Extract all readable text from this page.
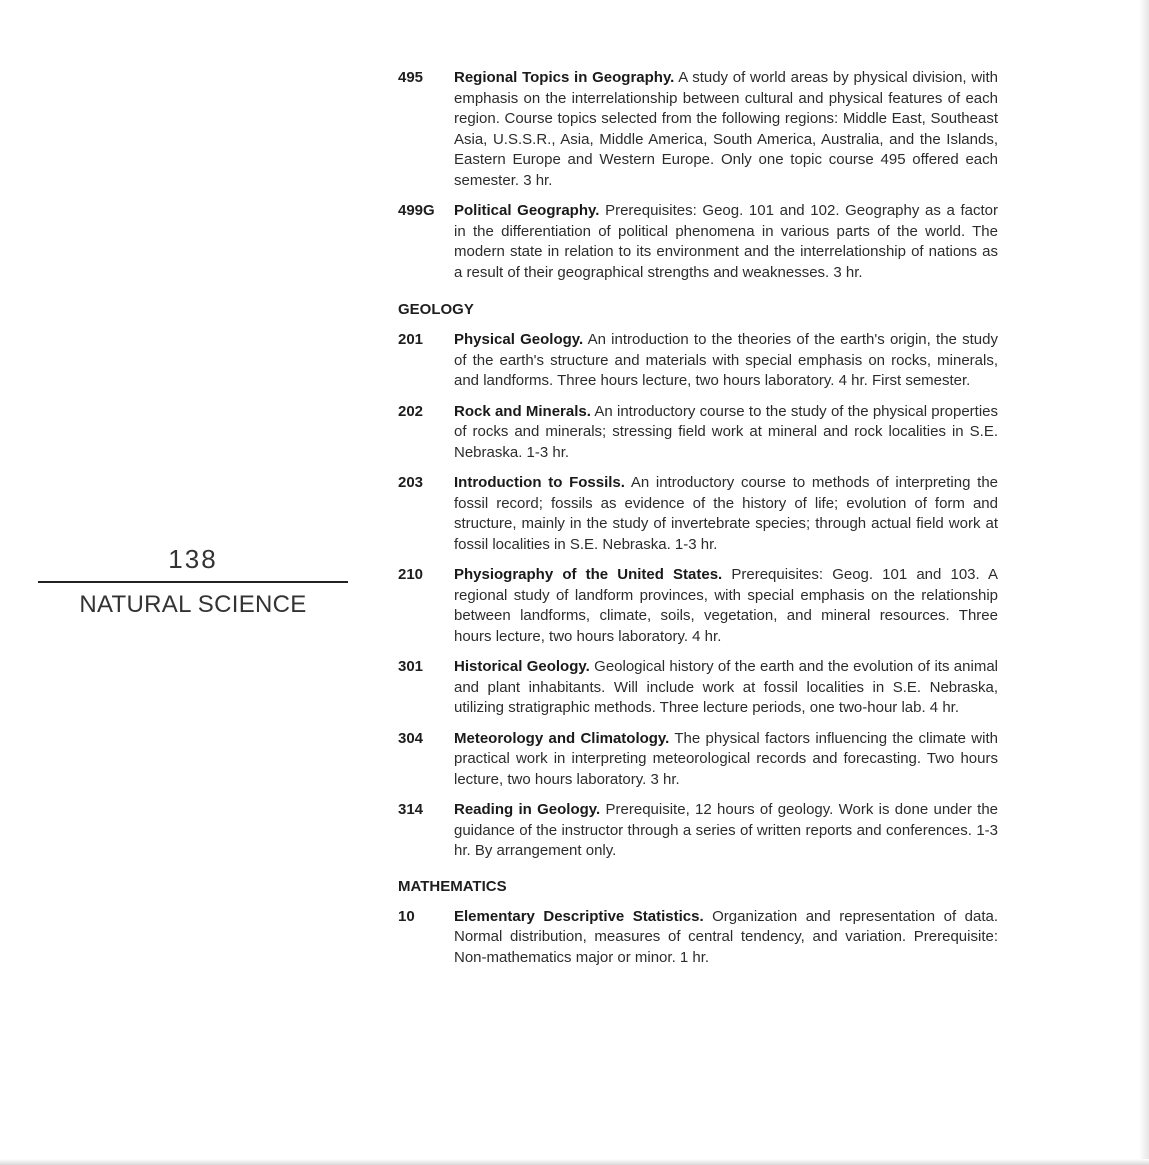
138
NATURAL SCIENCE
495	Regional Topics in Geography. A study of world areas by physical division, with emphasis on the interrelationship between cultural and physical features of each region. Course topics selected from the following regions: Middle East, Southeast Asia, U.S.S.R., Asia, Middle America, South America, Australia, and the Islands, Eastern Europe and Western Europe. Only one topic course 495 offered each semester. 3 hr.
499G	Political Geography. Prerequisites: Geog. 101 and 102. Geography as a factor in the differentiation of political phenomena in various parts of the world. The modern state in relation to its environment and the interrelationship of nations as a result of their geographical strengths and weaknesses. 3 hr.
GEOLOGY
201	Physical Geology. An introduction to the theories of the earth's origin, the study of the earth's structure and materials with special emphasis on rocks, minerals, and landforms. Three hours lecture, two hours laboratory. 4 hr. First semester.
202	Rock and Minerals. An introductory course to the study of the physical properties of rocks and minerals; stressing field work at mineral and rock localities in S.E. Nebraska. 1-3 hr.
203	Introduction to Fossils. An introductory course to methods of interpreting the fossil record; fossils as evidence of the history of life; evolution of form and structure, mainly in the study of invertebrate species; through actual field work at fossil localities in S.E. Nebraska. 1-3 hr.
210	Physiography of the United States. Prerequisites: Geog. 101 and 103. A regional study of landform provinces, with special emphasis on the relationship between landforms, climate, soils, vegetation, and mineral resources. Three hours lecture, two hours laboratory. 4 hr.
301	Historical Geology. Geological history of the earth and the evolution of its animal and plant inhabitants. Will include work at fossil localities in S.E. Nebraska, utilizing stratigraphic methods. Three lecture periods, one two-hour lab. 4 hr.
304	Meteorology and Climatology. The physical factors influencing the climate with practical work in interpreting meteorological records and forecasting. Two hours lecture, two hours laboratory. 3 hr.
314	Reading in Geology. Prerequisite, 12 hours of geology. Work is done under the guidance of the instructor through a series of written reports and conferences. 1-3 hr. By arrangement only.
MATHEMATICS
10	Elementary Descriptive Statistics. Organization and representation of data. Normal distribution, measures of central tendency, and variation. Prerequisite: Non-mathematics major or minor. 1 hr.
